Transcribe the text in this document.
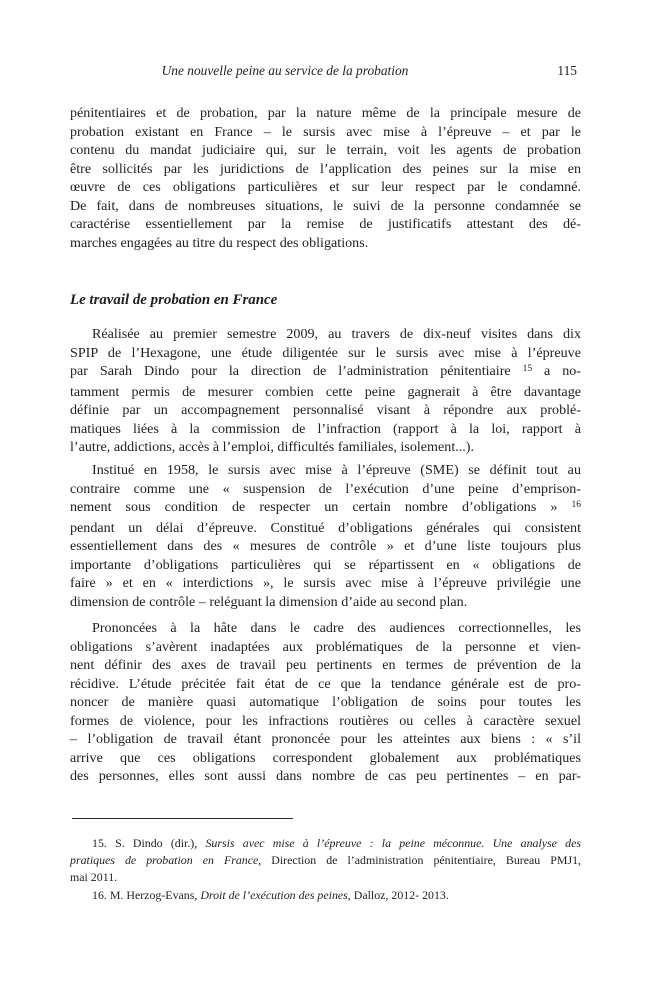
Une nouvelle peine au service de la probation	115
pénitentiaires et de probation, par la nature même de la principale mesure de
probation existant en France – le sursis avec mise à l’épreuve – et par le
contenu du mandat judiciaire qui, sur le terrain, voit les agents de probation
être sollicités par les juridictions de l’application des peines sur la mise en
œuvre de ces obligations particulières et sur leur respect par le condamné.
De fait, dans de nombreuses situations, le suivi de la personne condamnée se
caractérise essentiellement par la remise de justificatifs attestant des dé-
marches engagées au titre du respect des obligations.
Le travail de probation en France
Réalisée au premier semestre 2009, au travers de dix-neuf visites dans dix
SPIP de l’Hexagone, une étude diligentée sur le sursis avec mise à l’épreuve
par Sarah Dindo pour la direction de l’administration pénitentiaire $^{15}$ a no-
tamment permis de mesurer combien cette peine gagnerait à être davantage
définie par un accompagnement personnalisé visant à répondre aux problé-
matiques liées à la commission de l’infraction (rapport à la loi, rapport à
l’autre, addictions, accès à l’emploi, difficultés familiales, isolement...).
Institué en 1958, le sursis avec mise à l’épreuve (SME) se définit tout au
contraire comme une « suspension de l’exécution d’une peine d’emprison-
nement sous condition de respecter un certain nombre d’obligations » $^{16}$
pendant un délai d’épreuve. Constitué d’obligations générales qui consistent
essentiellement dans des « mesures de contrôle » et d’une liste toujours plus
importante d’obligations particulières qui se répartissent en « obligations de
faire » et en « interdictions », le sursis avec mise à l’épreuve privilégie une
dimension de contrôle – reléguant la dimension d’aide au second plan.
Prononcées à la hâte dans le cadre des audiences correctionnelles, les
obligations s’avèrent inadaptées aux problématiques de la personne et vien-
nent définir des axes de travail peu pertinents en termes de prévention de la
récidive. L’étude précitée fait état de ce que la tendance générale est de pro-
noncer de manière quasi automatique l’obligation de soins pour toutes les
formes de violence, pour les infractions routières ou celles à caractère sexuel
– l’obligation de travail étant prononcée pour les atteintes aux biens : « s’il
arrive que ces obligations correspondent globalement aux problématiques
des personnes, elles sont aussi dans nombre de cas peu pertinentes – en par-
15. S. Dindo (dir.), Sursis avec mise à l’épreuve : la peine méconnue. Une analyse des
pratiques de probation en France, Direction de l’administration pénitentiaire, Bureau PMJ1,
mai 2011.
16. M. Herzog-Evans, Droit de l’exécution des peines, Dalloz, 2012- 2013.
